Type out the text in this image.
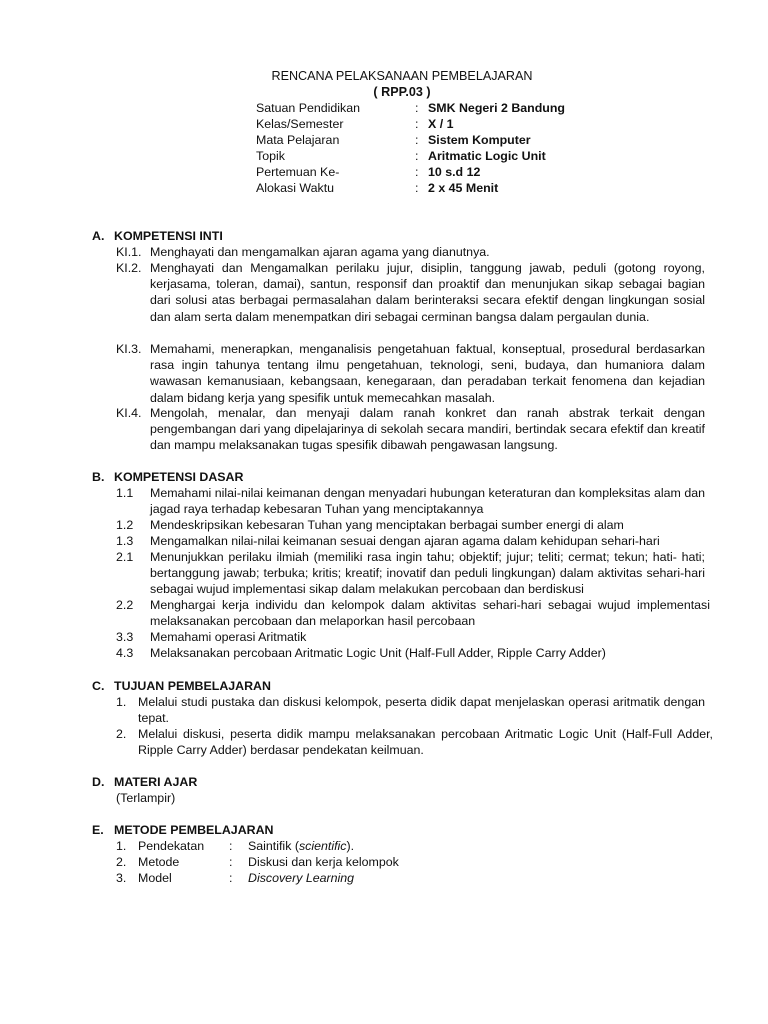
RENCANA PELAKSANAAN PEMBELAJARAN
( RPP.03 )
Satuan Pendidikan	: SMK Negeri 2 Bandung
Kelas/Semester	: X / 1
Mata Pelajaran	: Sistem Komputer
Topik	: Aritmatic Logic Unit
Pertemuan Ke-	: 10 s.d 12
Alokasi Waktu	: 2 x 45 Menit
A. KOMPETENSI INTI
KI.1. Menghayati dan mengamalkan ajaran agama yang dianutnya.
KI.2. Menghayati dan Mengamalkan perilaku jujur, disiplin, tanggung jawab, peduli (gotong royong, kerjasama, toleran, damai), santun, responsif dan proaktif dan menunjukan sikap sebagai bagian dari solusi atas berbagai permasalahan dalam berinteraksi secara efektif dengan lingkungan sosial dan alam serta dalam menempatkan diri sebagai cerminan bangsa dalam pergaulan dunia.
KI.3. Memahami, menerapkan, menganalisis pengetahuan faktual, konseptual, prosedural berdasarkan rasa ingin tahunya tentang ilmu pengetahuan, teknologi, seni, budaya, dan humaniora dalam wawasan kemanusiaan, kebangsaan, kenegaraan, dan peradaban terkait fenomena dan kejadian dalam bidang kerja yang spesifik untuk memecahkan masalah.
KI.4. Mengolah, menalar, dan menyaji dalam ranah konkret dan ranah abstrak terkait dengan pengembangan dari yang dipelajarinya di sekolah secara mandiri, bertindak secara efektif dan kreatif dan mampu melaksanakan tugas spesifik dibawah pengawasan langsung.
B. KOMPETENSI DASAR
1.1 Memahami nilai-nilai keimanan dengan menyadari hubungan keteraturan dan kompleksitas alam dan jagad raya terhadap kebesaran Tuhan yang menciptakannya
1.2 Mendeskripsikan kebesaran Tuhan yang menciptakan berbagai sumber energi di alam
1.3 Mengamalkan nilai-nilai keimanan sesuai dengan ajaran agama dalam kehidupan sehari-hari
2.1 Menunjukkan perilaku ilmiah (memiliki rasa ingin tahu; objektif; jujur; teliti; cermat; tekun; hati- hati; bertanggung jawab; terbuka; kritis; kreatif; inovatif dan peduli lingkungan) dalam aktivitas sehari-hari sebagai wujud implementasi sikap dalam melakukan percobaan dan berdiskusi
2.2 Menghargai kerja individu dan kelompok dalam aktivitas sehari-hari sebagai wujud implementasi melaksanakan percobaan dan melaporkan hasil percobaan
3.3 Memahami operasi Aritmatik
4.3 Melaksanakan percobaan Aritmatic Logic Unit (Half-Full Adder, Ripple Carry Adder)
C. TUJUAN PEMBELAJARAN
1. Melalui studi pustaka dan diskusi kelompok, peserta didik dapat menjelaskan operasi aritmatik dengan tepat.
2. Melalui diskusi, peserta didik mampu melaksanakan percobaan Aritmatic Logic Unit (Half-Full Adder, Ripple Carry Adder) berdasar pendekatan keilmuan.
D. MATERI AJAR
(Terlampir)
E. METODE PEMBELAJARAN
1. Pendekatan : Saintifik (scientific).
2. Metode	: Diskusi dan kerja kelompok
3. Model	: Discovery Learning
